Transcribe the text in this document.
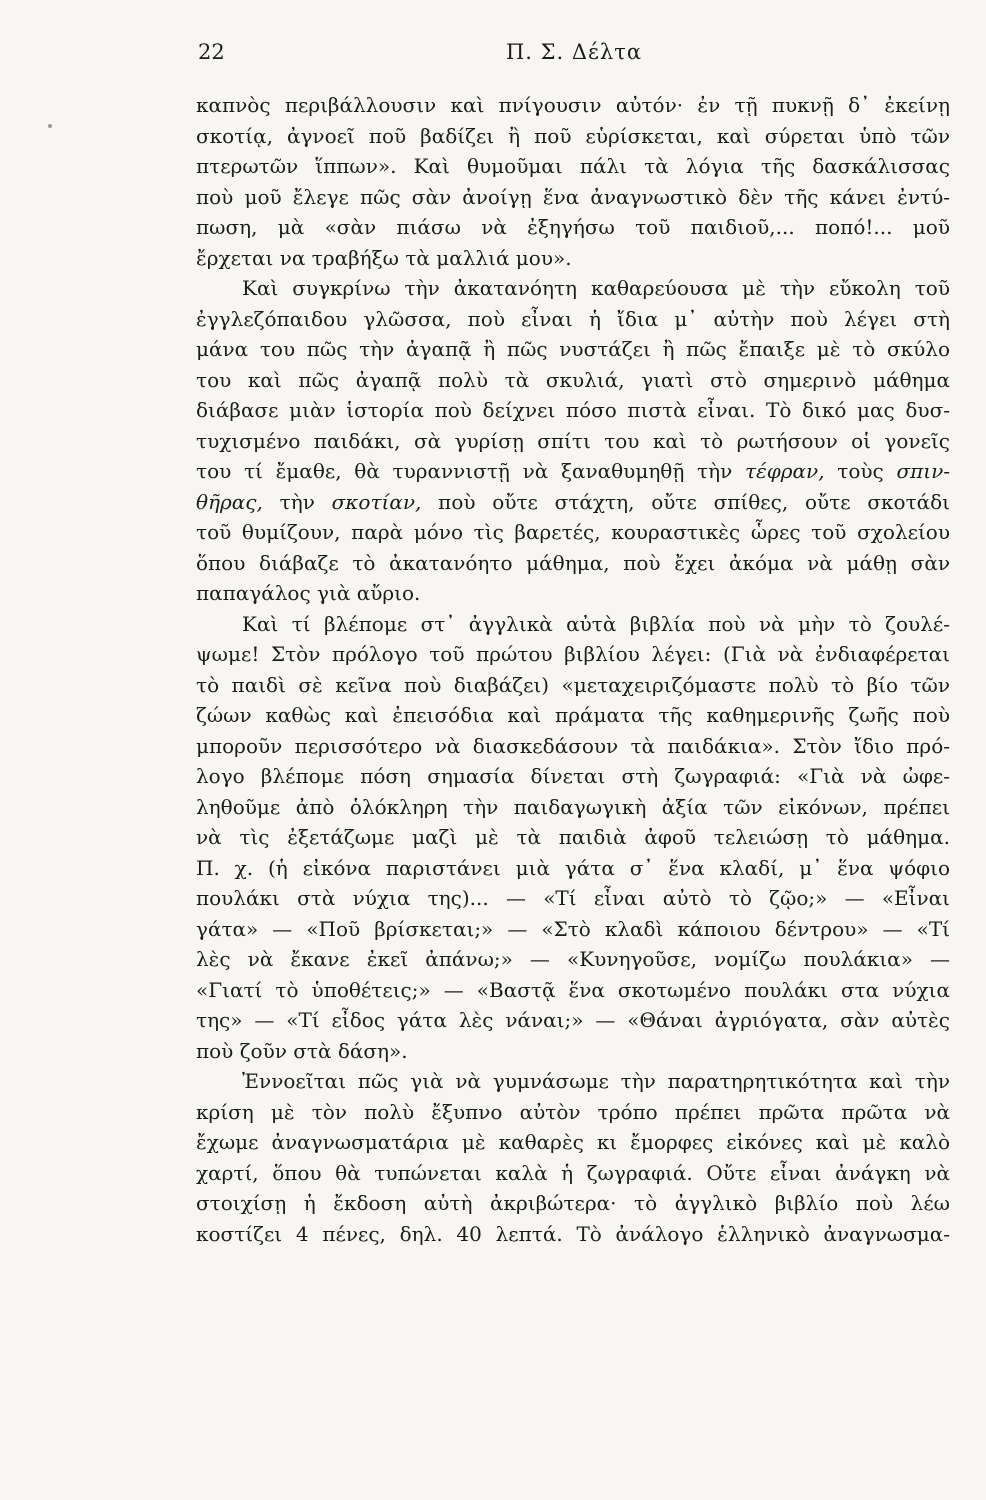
22	Π. Σ. Δέλτα
καπνὸς περιβάλλουσιν καὶ πνίγουσιν αὐτόν· ἐν τῇ πυκνῇ δ᾿ ἐκείνῃ
σκοτίᾳ, ἀγνοεῖ ποῦ βαδίζει ἢ ποῦ εὑρίσκεται, καὶ σύρεται ὑπὸ τῶν
πτερωτῶν ἵππων». Καὶ θυμοῦμαι πάλι τὰ λόγια τῆς δασκάλισσας
ποὺ μοῦ ἔλεγε πῶς σὰν ἀνοίγῃ ἕνα ἀναγνωστικὸ δὲν τῆς κάνει ἐντύ-
πωση, μὰ «σὰν πιάσω νὰ ἐξηγήσω τοῦ παιδιοῦ,... ποπό!... μοῦ
ἔρχεται να τραβήξω τὰ μαλλιά μου».
Καὶ συγκρίνω τὴν ἀκατανόητη καθαρεύουσα μὲ τὴν εὔκολη τοῦ
ἐγγλεζόπαιδου γλῶσσα, ποὺ εἶναι ἡ ἴδια μ᾿ αὐτὴν ποὺ λέγει στὴ
μάνα του πῶς τὴν ἀγαπᾷ ἢ πῶς νυστάζει ἢ πῶς ἔπαιξε μὲ τὸ σκύλο
του καὶ πῶς ἀγαπᾷ πολὺ τὰ σκυλιά, γιατὶ στὸ σημερινὸ μάθημα
διάβασε μιὰν ἱστορία ποὺ δείχνει πόσο πιστὰ εἶναι. Τὸ δικό μας δυσ-
τυχισμένο παιδάκι, σὰ γυρίσῃ σπίτι του καὶ τὸ ρωτήσουν οἱ γονεῖς
του τί ἔμαθε, θὰ τυραννιστῇ νὰ ξαναθυμηθῇ τὴν τέφραν, τοὺς σπιν-
θῆρας, τὴν σκοτίαν, ποὺ οὔτε στάχτη, οὔτε σπίθες, οὔτε σκοτάδι
τοῦ θυμίζουν, παρὰ μόνο τὶς βαρετές, κουραστικὲς ὧρες τοῦ σχολείου
ὅπου διάβαζε τὸ ἀκατανόητο μάθημα, ποὺ ἔχει ἀκόμα νὰ μάθῃ σὰν
παπαγάλος γιὰ αὔριο.
Καὶ τί βλέπομε στ᾿ ἀγγλικὰ αὐτὰ βιβλία ποὺ νὰ μὴν τὸ ζουλέ-
ψωμε! Στὸν πρόλογο τοῦ πρώτου βιβλίου λέγει: (Γιὰ νὰ ἐνδιαφέρεται
τὸ παιδὶ σὲ κεῖνα ποὺ διαβάζει) «μεταχειριζόμαστε πολὺ τὸ βίο τῶν
ζώων καθὼς καὶ ἐπεισόδια καὶ πράματα τῆς καθημερινῆς ζωῆς ποὺ
μποροῦν περισσότερο νὰ διασκεδάσουν τὰ παιδάκια». Στὸν ἴδιο πρό-
λογο βλέπομε πόση σημασία δίνεται στὴ ζωγραφιά: «Γιὰ νὰ ὠφε-
ληθοῦμε ἀπὸ ὁλόκληρη τὴν παιδαγωγικὴ ἀξία τῶν εἰκόνων, πρέπει
νὰ τὶς ἐξετάζωμε μαζὶ μὲ τὰ παιδιὰ ἀφοῦ τελειώσῃ τὸ μάθημα.
Π. χ. (ἡ εἰκόνα παριστάνει μιὰ γάτα σ᾿ ἕνα κλαδί, μ᾿ ἕνα ψόφιο
πουλάκι στὰ νύχια της)... — «Τί εἶναι αὐτὸ τὸ ζῷο;» — «Εἶναι
γάτα» — «Ποῦ βρίσκεται;» — «Στὸ κλαδὶ κάποιου δέντρου» — «Τί
λὲς νὰ ἔκανε ἐκεῖ ἀπάνω;» — «Κυνηγοῦσε, νομίζω πουλάκια» —
«Γιατί τὸ ὑποθέτεις;» — «Βαστᾷ ἕνα σκοτωμένο πουλάκι στα νύχια
της» — «Τί εἶδος γάτα λὲς νάναι;» — «Θάναι ἀγριόγατα, σὰν αὐτὲς
ποὺ ζοῦν στὰ δάση».
Ἐννοεῖται πῶς γιὰ νὰ γυμνάσωμε τὴν παρατηρητικότητα καὶ τὴν
κρίση μὲ τὸν πολὺ ἔξυπνο αὐτὸν τρόπο πρέπει πρῶτα πρῶτα νὰ
ἔχωμε ἀναγνωσματάρια μὲ καθαρὲς κι ἔμορφες εἰκόνες καὶ μὲ καλὸ
χαρτί, ὅπου θὰ τυπώνεται καλὰ ἡ ζωγραφιά. Οὔτε εἶναι ἀνάγκη νὰ
στοιχίσῃ ἡ ἔκδοση αὐτὴ ἀκριβώτερα· τὸ ἀγγλικὸ βιβλίο ποὺ λέω
κοστίζει 4 πένες, δηλ. 40 λεπτά. Τὸ ἀνάλογο ἑλληνικὸ ἀναγνωσμα-
